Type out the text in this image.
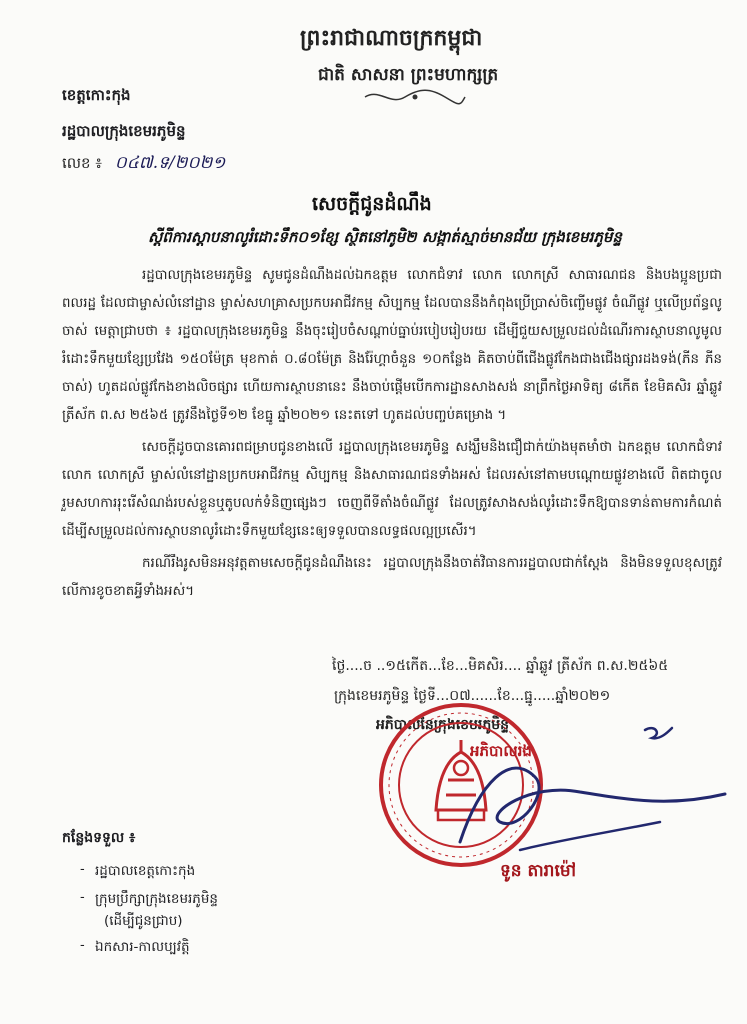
ព្រះរាជាណាចក្រកម្ពុជា
ជាតិ សាសនា ព្រះមហាក្សត្រ
ខេត្តកោះកុង
រដ្ឋបាលក្រុងខេមរភូមិន្ទ
លេខ ៖ ០៤៧.ទ/២០២១
សេចក្តីជូនដំណឹង
ស្តីពីការស្តាបនាលូរំដោះទឹក០១ខ្សែ ស្ថិតនៅភូមិ២ សង្កាត់ស្មាច់មានជ័យ ក្រុងខេមរភូមិន្ទ

រដ្ឋបាលក្រុងខេមរភូមិន្ទ សូមជូនដំណឹងដល់ឯកឧត្តម លោកជំទាវ លោក លោកស្រី សាធារណជន និងបងប្អូនប្រជាពលរដ្ឋ ដែលជាម្ចាស់លំនៅដ្ឋាន ម្ចាស់សហគ្រាសប្រកបអាជីវកម្ម សិប្បកម្ម ដែលបាននឹងកំពុងប្រើប្រាស់ចិញ្ចើមផ្លូវ ចំណីផ្លូវ ឬលើប្រព័ន្ធលូចាស់ មេត្តាជ្រាបថា ៖ រដ្ឋបាលក្រុងខេមរភូមិន្ទ នឹងចុះរៀបចំសណ្តាប់ធ្នាប់របៀបរៀបរយ ដើម្បីជួយសម្រួលដល់ដំណើរការស្ថាបនាលូមូលរំដោះទឹកមួយខ្សែប្រវែង ១៥០ម៉ែត្រ មុខកាត់ ០.៨០ម៉ែត្រ និងរ៉ែហ្គាចំនួន ១០កន្លែង គិតចាប់ពីជើងផ្លូវកែងជាងជើងផ្សារដងទង់(ភីន ភីន ចាស់) ហូតដល់ផ្លូវកែងខាងលិចផ្សារ ហើយការស្ថាបនានេះ នឹងចាប់ផ្តើមបើកការដ្ឋានសាងសង់ នាព្រឹកថ្ងៃអាទិត្យ ៨កើត ខែមិគសិរ ឆ្នាំឆ្លូវ ត្រីស័ក ព.ស ២៥៦៥ ត្រូវនឹងថ្ងៃទី១២ ខែធ្នូ ឆ្នាំ២០២១ នេះតទៅ ហូតដល់បញ្ចប់គម្រោង ។

សេចក្តីដូចបានគោរពជម្រាបជូនខាងលើ រដ្ឋបាលក្រុងខេមរភូមិន្ទ សង្ឃឹមនិងជឿជាក់យ៉ាងមុតមាំថា ឯកឧត្តម លោកជំទាវ លោក លោកស្រី ម្ចាស់លំនៅដ្ឋានប្រកបអាជីវកម្ម សិប្បកម្ម និងសាធារណជនទាំងអស់ ដែលរស់នៅតាមបណ្តោយផ្លូវខាងលើ ពិតជាចូលរួមសហការរុះរើសំណង់របស់ខ្លួនឬតូបលក់ទំនិញផ្សេងៗ ចេញពីទីតាំងចំណីផ្លូវ ដែលត្រូវសាងសង់លូរំដោះទឹកឱ្យបានទាន់តាមការកំណត់ ដើម្បីសម្រួលដល់ការស្ថាបនាលូរំដោះទឹកមួយខ្សែនេះឲ្យទទួលបានលទ្ធផលល្អប្រសើរ។

ករណីរឹងរូសមិនអនុវត្តតាមសេចក្តីជូនដំណឹងនេះ រដ្ឋបាលក្រុងនឹងចាត់វិធានការរដ្ឋបាលជាក់ស្តែង និងមិនទទួលខុសត្រូវលើការខូចខាតអ្វីទាំងអស់។

ថ្ងៃ....ច ..១៥កើត...ខែ...មិគសិរ.... ឆ្នាំឆ្លូវ ត្រីស័ក ព.ស.២៥៦៥
ក្រុងខេមរភូមិន្ទ ថ្ងៃទី...០៧......ខែ...ធ្នូ.....ឆ្នាំ២០២១
អភិបាលនៃក្រុងខេមរភូមិន្ទ
អភិបាលរង
ទូន តារាម៉ៅ
កន្លែងទទួល ៖
- រដ្ឋបាលខេត្តកោះកុង
- ក្រុមប្រឹក្សាក្រុងខេមរភូមិន្ទ
(ដើម្បីជូនជ្រាប)
- ឯកសារ-កាលប្បវត្តិ
